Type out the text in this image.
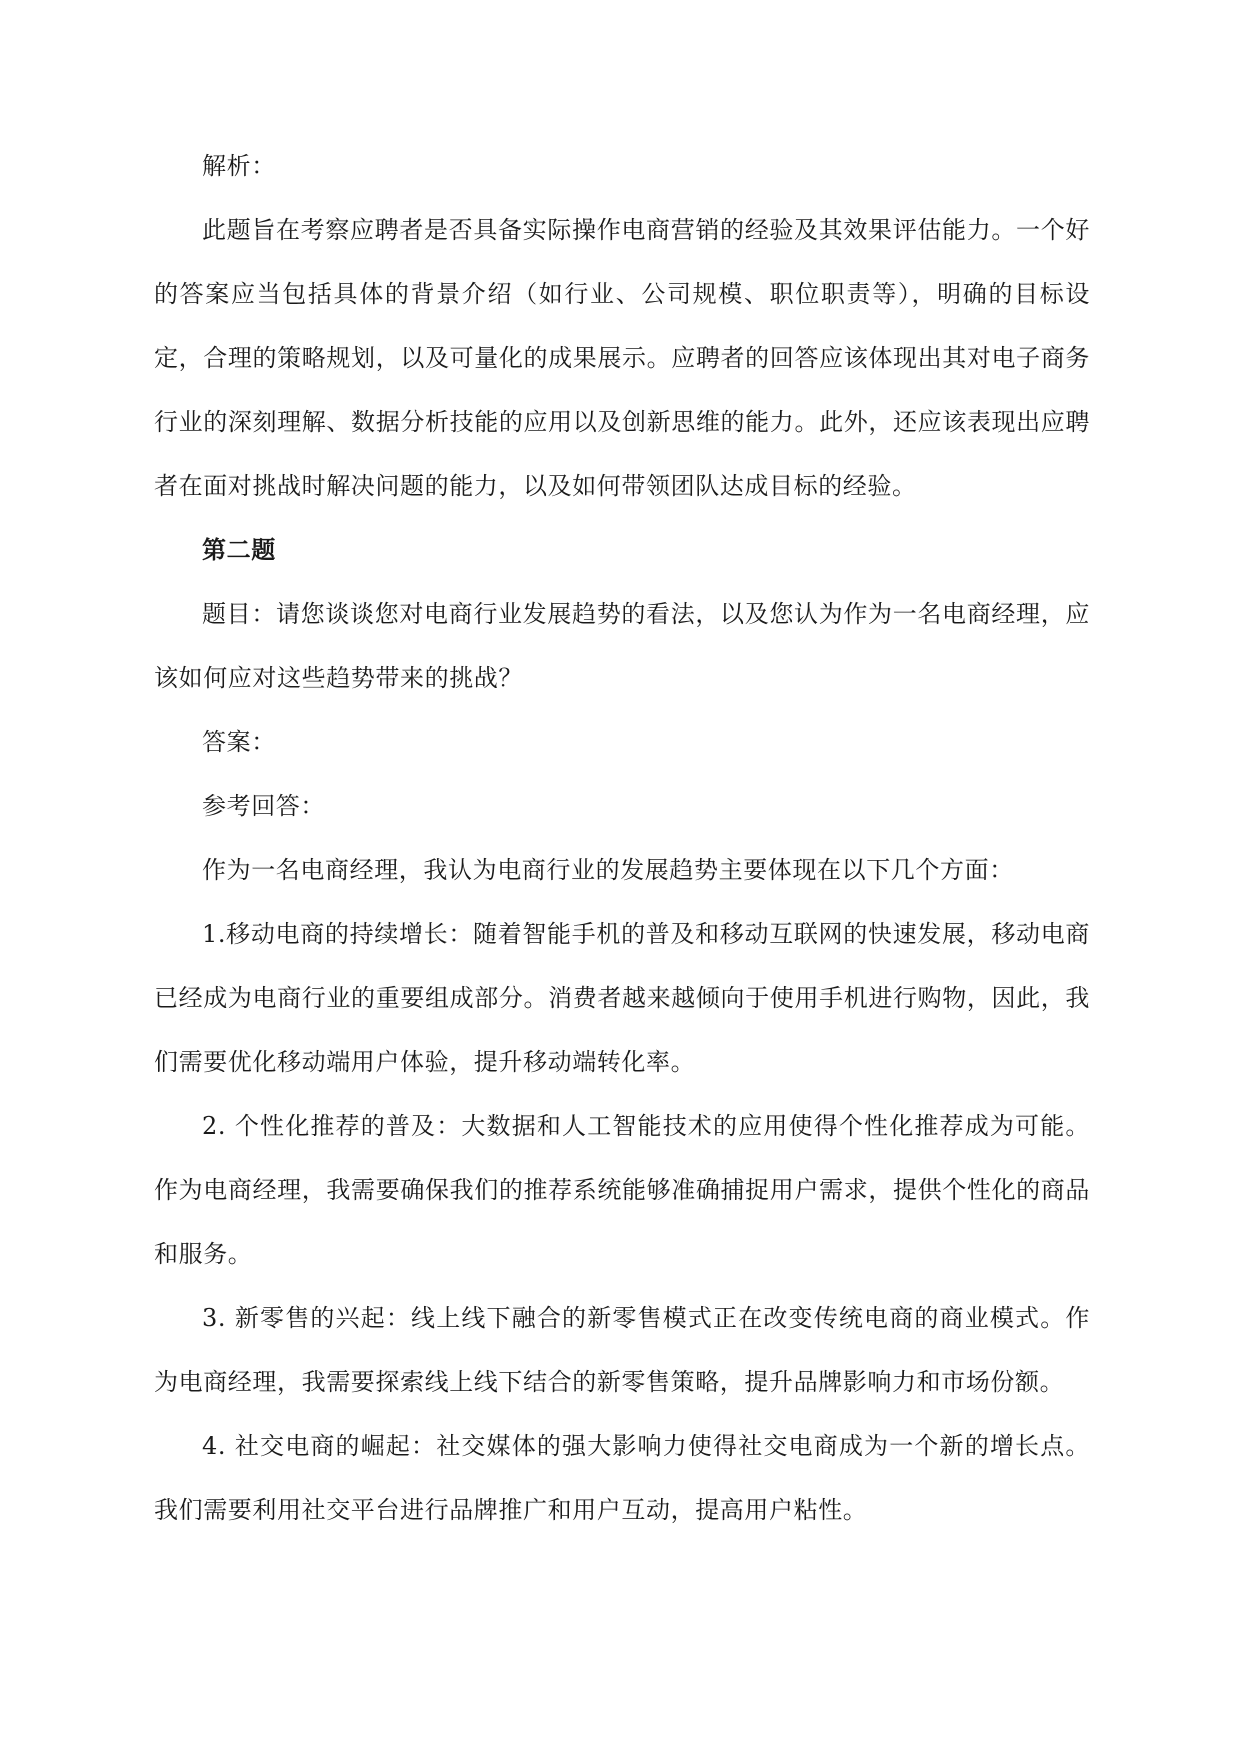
解析：

此题旨在考察应聘者是否具备实际操作电商营销的经验及其效果评估能力。一个好的答案应当包括具体的背景介绍（如行业、公司规模、职位职责等），明确的目标设定，合理的策略规划，以及可量化的成果展示。应聘者的回答应该体现出其对电子商务行业的深刻理解、数据分析技能的应用以及创新思维的能力。此外，还应该表现出应聘者在面对挑战时解决问题的能力，以及如何带领团队达成目标的经验。

第二题

题目：请您谈谈您对电商行业发展趋势的看法，以及您认为作为一名电商经理，应该如何应对这些趋势带来的挑战？

答案：

参考回答：

作为一名电商经理，我认为电商行业的发展趋势主要体现在以下几个方面：

1.移动电商的持续增长：随着智能手机的普及和移动互联网的快速发展，移动电商已经成为电商行业的重要组成部分。消费者越来越倾向于使用手机进行购物，因此，我们需要优化移动端用户体验，提升移动端转化率。

2. 个性化推荐的普及：大数据和人工智能技术的应用使得个性化推荐成为可能。作为电商经理，我需要确保我们的推荐系统能够准确捕捉用户需求，提供个性化的商品和服务。

3. 新零售的兴起：线上线下融合的新零售模式正在改变传统电商的商业模式。作为电商经理，我需要探索线上线下结合的新零售策略，提升品牌影响力和市场份额。

4. 社交电商的崛起：社交媒体的强大影响力使得社交电商成为一个新的增长点。我们需要利用社交平台进行品牌推广和用户互动，提高用户粘性。
